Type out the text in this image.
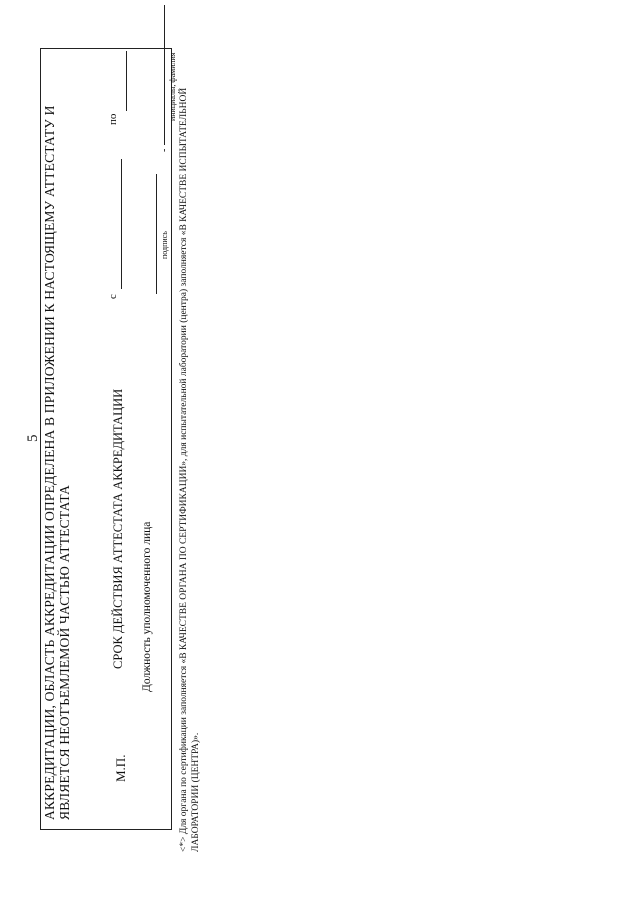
5 АККРЕДИТАЦИИ, ОБЛАСТЬ АККРЕДИТАЦИИ ОПРЕДЕЛЕНА В ПРИЛОЖЕНИИ К НАСТОЯЩЕМУ АТТЕСТАТУ И ЯВЛЯЕТСЯ НЕОТЪЕМЛЕМОЙ ЧАСТЬЮ АТТЕСТАТА	М.П.
СРОК ДЕЙСТВИЯ АТТЕСТАТА АККРЕДИТАЦИИ
с
по
Должность уполномоченного лица
подпись
-
инициалы, фамилия
<*> Для органа по сертификации заполняется «В КАЧЕСТВЕ ОРГАНА ПО СЕРТИФИКАЦИИ», для испытательной лаборатории (центра) заполняется «В КАЧЕСТВЕ ИСПЫТАТЕЛЬНОЙ ЛАБОРАТОРИИ (ЦЕНТРА)».
